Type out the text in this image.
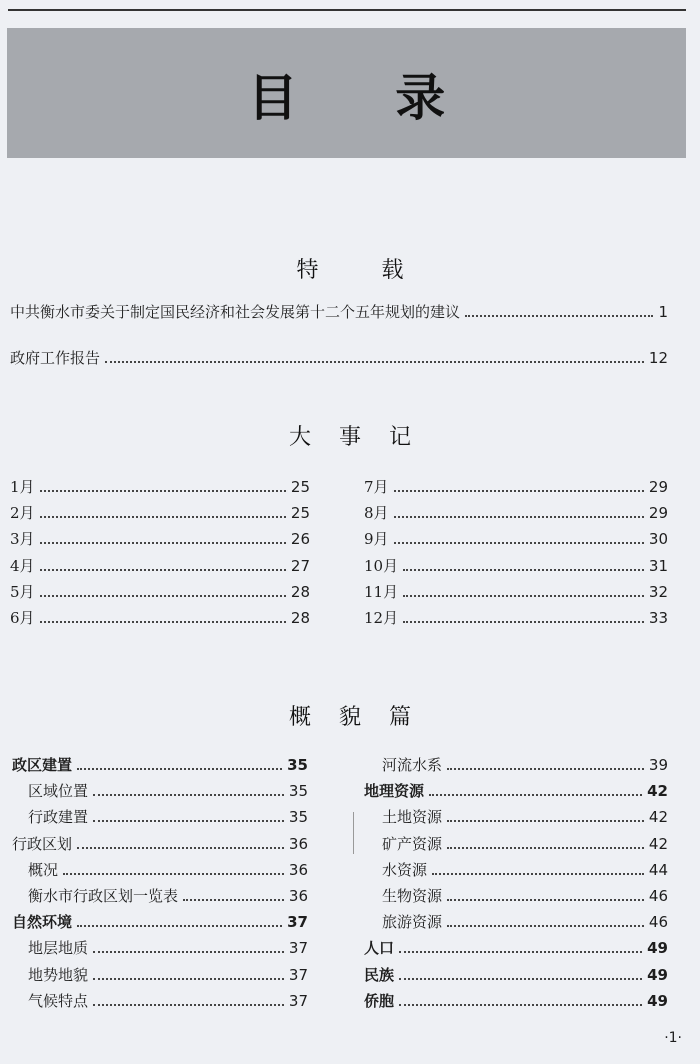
目 录
特 载
大事记
概貌篇
中共衡水市委关于制定国民经济和社会发展第十二个五年规划的建议	1
政府工作报告	12
1月	25
2月	25
3月	26
4月	27
5月	28
6月	28
7月	29
8月	29
9月	30
10月	31
11月	32
12月	33
政区建置	35
区域位置	35
行政建置	35
行政区划	36
概况	36
衡水市行政区划一览表	36
自然环境	37
地层地质	37
地势地貌	37
气候特点	37
河流水系	39
地理资源	42
土地资源	42
矿产资源	42
水资源	44
生物资源	46
旅游资源	46
人口	49
民族	49
侨胞	49
·1·
